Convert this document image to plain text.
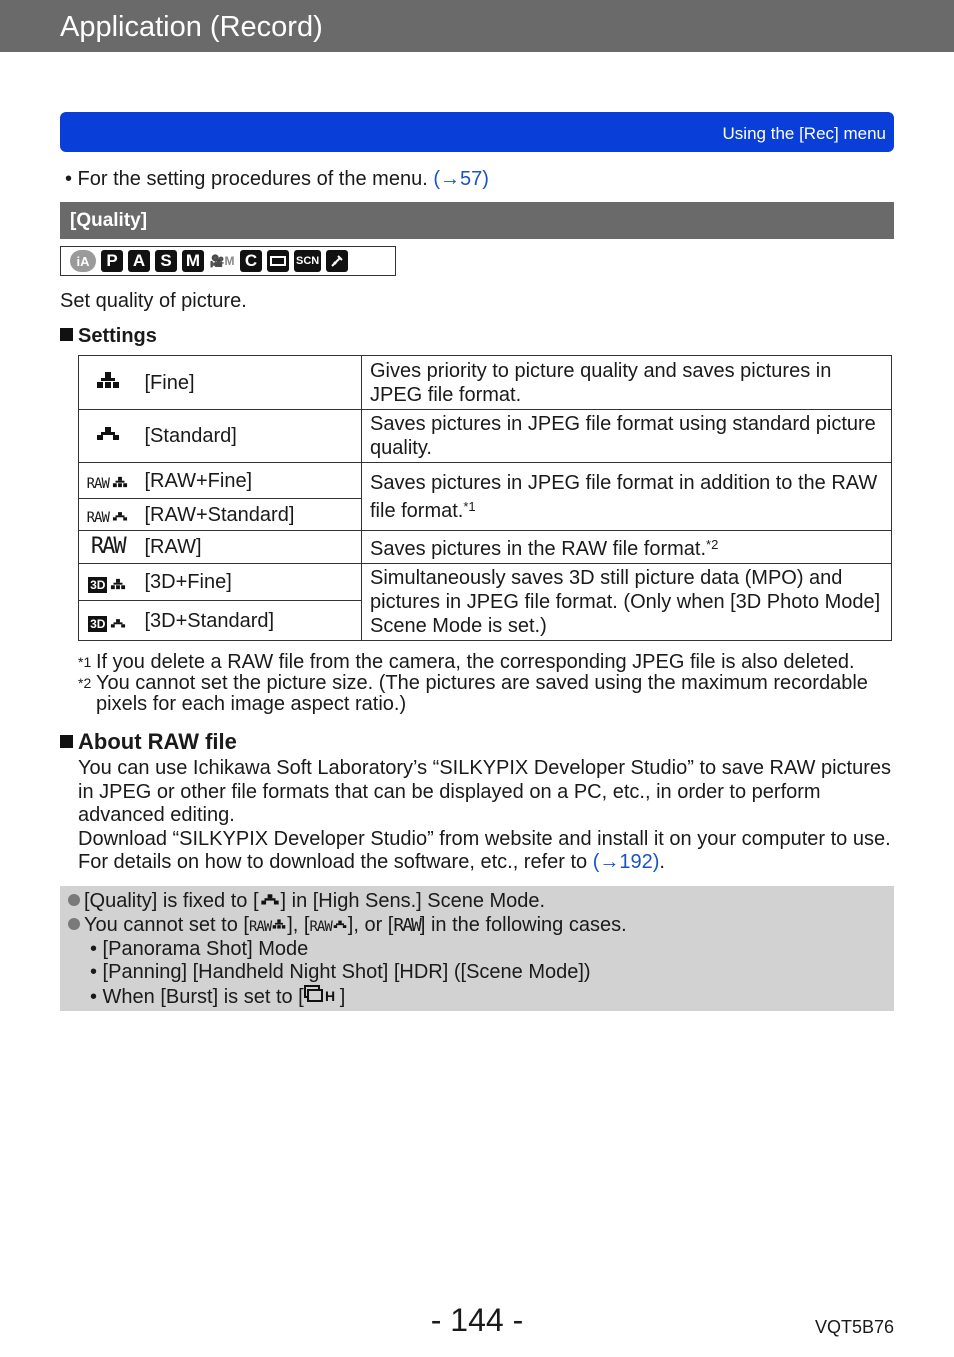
Application (Record)
Using the [Rec] menu
• For the setting procedures of the menu. (→57)
[Quality]
iA P A S M 🎥 M C	SCN
Set quality of picture.
Settings
	[Fine]	Gives priority to picture quality and saves pictures in JPEG file format.
	[Standard]	Saves pictures in JPEG file format using standard picture quality.

RAW	[RAW+Fine]	Saves pictures in JPEG file format in addition to the RAW file format.$^{*1}$

RAW	[RAW+Standard]	
RAW	[RAW]	Saves pictures in the RAW file format.$^{*2}$

3D	[3D+Fine]	Simultaneously saves 3D still picture data (MPO) and pictures in JPEG file format. (Only when [3D Photo Mode] Scene Mode is set.)

3D	[3D+Standard]	
*1 If you delete a RAW file from the camera, the corresponding JPEG file is also deleted.
*2 You cannot set the picture size. (The pictures are saved using the maximum recordable pixels for each image aspect ratio.)
About RAW file
You can use Ichikawa Soft Laboratory’s “SILKYPIX Developer Studio” to save RAW pictures in JPEG or other file formats that can be displayed on a PC, etc., in order to perform advanced editing.
Download “SILKYPIX Developer Studio” from website and install it on your computer to use. For details on how to download the software, etc., refer to (→192).
[Quality] is fixed to [ ] in [High Sens.] Scene Mode.
You cannot set to [RAW ], [RAW ], or [RAW] in the following cases.
• [Panorama Shot] Mode
• [Panning] [Handheld Night Shot] [HDR] ([Scene Mode])
• When [Burst] is set to [ H ]
- 144 -	VQT5B76
